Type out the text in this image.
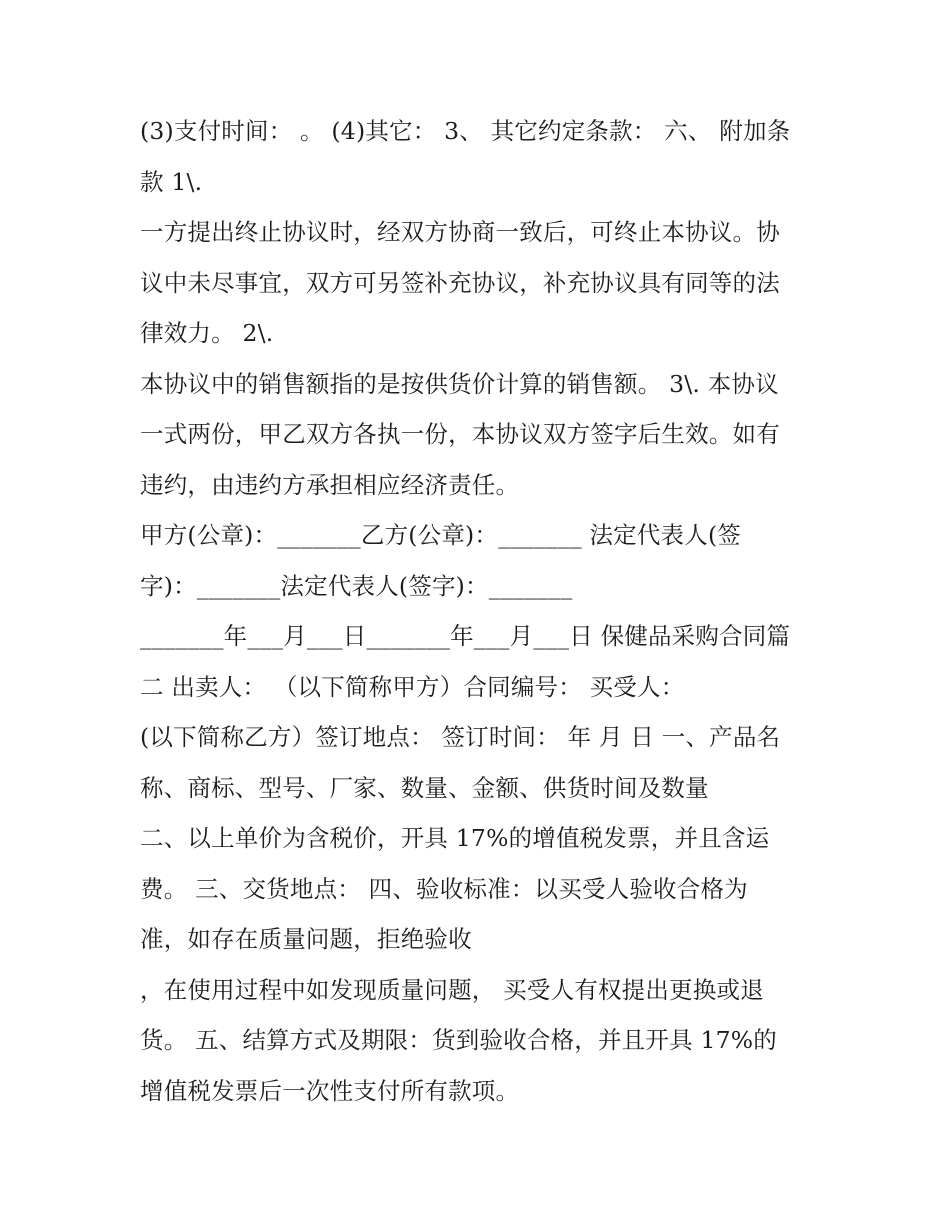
(3)支付时间： 。 (4)其它： 3、 其它约定条款： 六、 附加条
款 1\.
一方提出终止协议时，经双方协商一致后，可终止本协议。协
议中未尽事宜，双方可另签补充协议，补充协议具有同等的法
律效力。 2\.
本协议中的销售额指的是按供货价计算的销售额。 3\. 本协议
一式两份，甲乙双方各执一份，本协议双方签字后生效。如有
违约，由违约方承担相应经济责任。
甲方(公章)：_______乙方(公章)：_______ 法定代表人(签
字)：_______法定代表人(签字)：_______
_______年___月___日_______年___月___日 保健品采购合同篇
二 出卖人： （以下简称甲方）合同编号： 买受人：
(以下简称乙方）签订地点： 签订时间： 年 月 日 一、产品名
称、商标、型号、厂家、数量、金额、供货时间及数量
二、以上单价为含税价，开具 17%的增值税发票，并且含运
费。 三、交货地点： 四、验收标准：以买受人验收合格为
准，如存在质量问题，拒绝验收
，在使用过程中如发现质量问题， 买受人有权提出更换或退
货。 五、结算方式及期限：货到验收合格，并且开具 17%的
增值税发票后一次性支付所有款项。
